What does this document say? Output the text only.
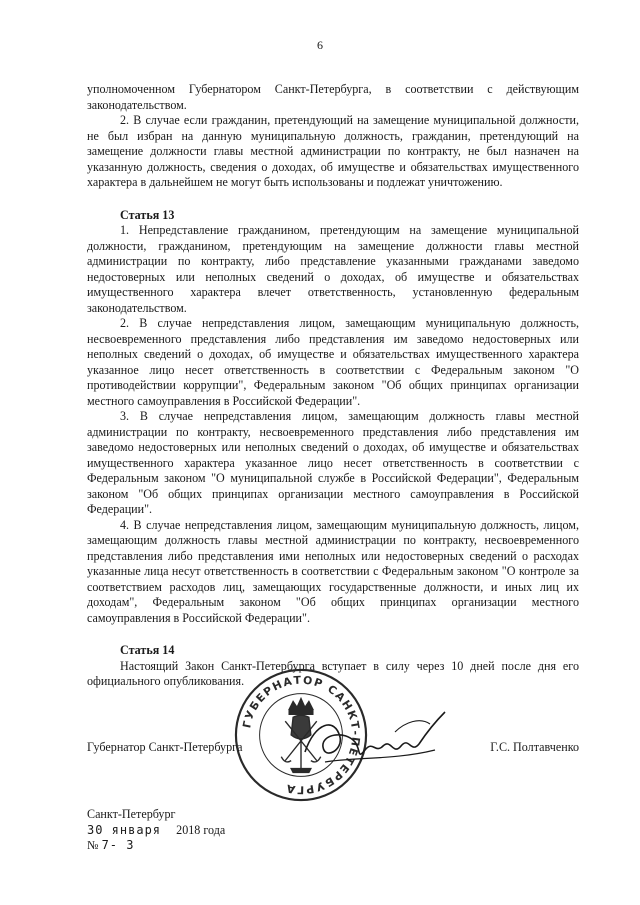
6

уполномоченном Губернатором Санкт-Петербурга, в соответствии с действующим законодательством.

2. В случае если гражданин, претендующий на замещение муниципальной должности, не был избран на данную муниципальную должность, гражданин, претендующий на замещение должности главы местной администрации по контракту, не был назначен на указанную должность, сведения о доходах, об имуществе и обязательствах имущественного характера в дальнейшем не могут быть использованы и подлежат уничтожению.

Статья 13

1. Непредставление гражданином, претендующим на замещение муниципальной должности, гражданином, претендующим на замещение должности главы местной администрации по контракту, либо представление указанными гражданами заведомо недостоверных или неполных сведений о доходах, об имуществе и обязательствах имущественного характера влечет ответственность, установленную федеральным законодательством.

2. В случае непредставления лицом, замещающим муниципальную должность, несвоевременного представления либо представления им заведомо недостоверных или неполных сведений о доходах, об имуществе и обязательствах имущественного характера указанное лицо несет ответственность в соответствии с Федеральным законом "О противодействии коррупции", Федеральным законом "Об общих принципах организации местного самоуправления в Российской Федерации".

3. В случае непредставления лицом, замещающим должность главы местной администрации по контракту, несвоевременного представления либо представления им заведомо недостоверных или неполных сведений о доходах, об имуществе и обязательствах имущественного характера указанное лицо несет ответственность в соответствии с Федеральным законом "О муниципальной службе в Российской Федерации", Федеральным законом "Об общих принципах организации местного самоуправления в Российской Федерации".

4. В случае непредставления лицом, замещающим муниципальную должность, лицом, замещающим должность главы местной администрации по контракту, несвоевременного представления либо представления ими неполных или недостоверных сведений о расходах указанные лица несут ответственность в соответствии с Федеральным законом "О контроле за соответствием расходов лиц, замещающих государственные должности, и иных лиц их доходам", Федеральным законом "Об общих принципах организации местного самоуправления в Российской Федерации".

Статья 14

Настоящий Закон Санкт-Петербурга вступает в силу через 10 дней после дня его официального опубликования.

ГУБЕРНАТОР САНКТ-ПЕТЕРБУРГА
Губернатор Санкт-Петербурга	Г.С. Полтавченко
Санкт-Петербург
30 января 2018 года
№ 7- 3
